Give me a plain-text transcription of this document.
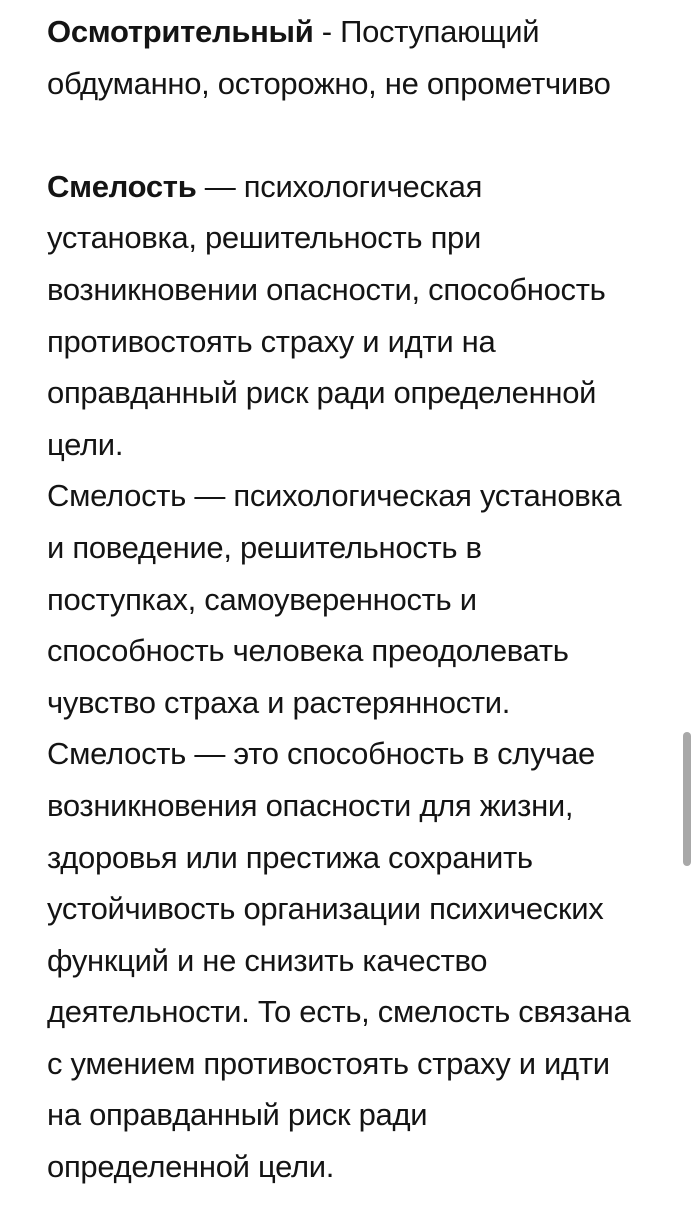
Осмотрительный - Поступающий
обдуманно, осторожно, не опрометчиво
Смелость — психологическая
установка, решительность при
возникновении опасности, способность
противостоять страху и идти на
оправданный риск ради определенной
цели.
Смелость — психологическая установка
и поведение, решительность в
поступках, самоуверенность и
способность человека преодолевать
чувство страха и растерянности.
Смелость — это способность в случае
возникновения опасности для жизни,
здоровья или престижа сохранить
устойчивость организации психических
функций и не снизить качество
деятельности. То есть, смелость связана
с умением противостоять страху и идти
на оправданный риск ради
определенной цели.
